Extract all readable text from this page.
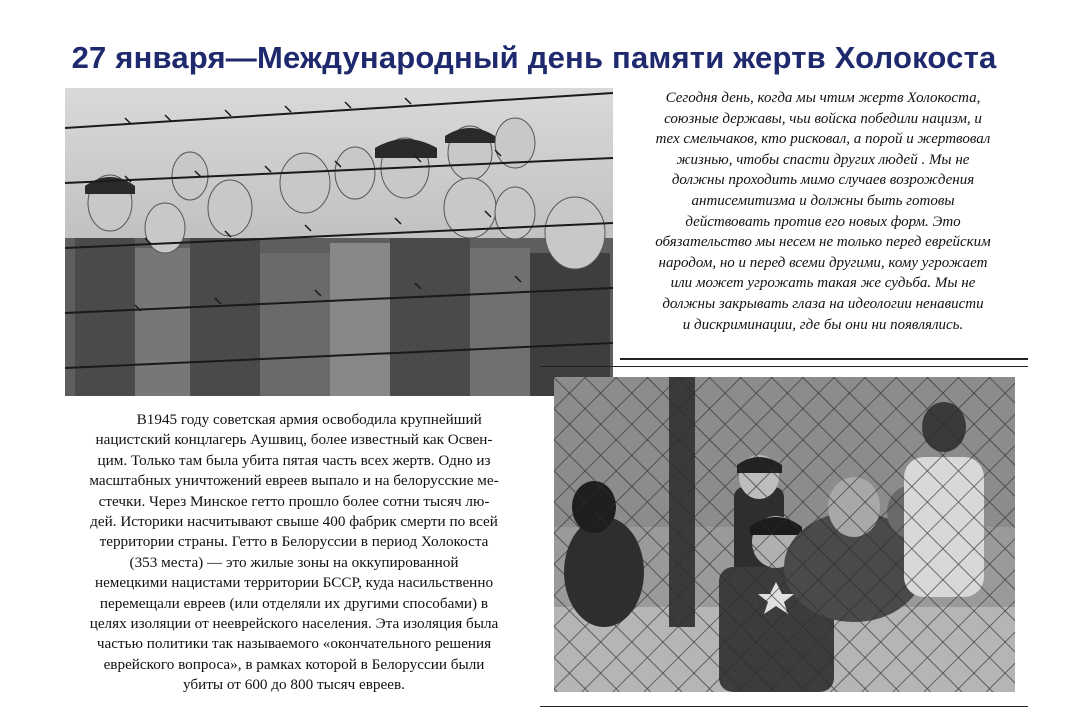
27 января—Международный день памяти жертв Холокоста
Сегодня день, когда мы чтим жертв Холокоста,
союзные державы, чьи войска победили нацизм, и
тех смельчаков, кто рисковал, а порой и жертвовал
жизнью, чтобы спасти других людей . Мы не
должны проходить мимо случаев возрождения
антисемитизма и должны быть готовы
действовать против его новых форм. Это
обязательство мы несем не только перед еврейским
народом, но и перед всеми другими, кому угрожает
или может угрожать такая же судьба. Мы не
должны закрывать глаза на идеологии ненависти
и дискриминации, где бы они ни появлялись.
В1945 году советская армия освободила крупнейший
нацистский концлагерь Аушвиц, более известный как Освен-
цим. Только там была убита пятая часть всех жертв. Одно из
масштабных уничтожений евреев выпало и на белорусские ме-
стечки. Через Минское гетто прошло более сотни тысяч лю-
дей. Историки насчитывают свыше 400 фабрик смерти по всей
территории страны. Гетто в Белоруссии в период Холокоста
(353 места) — это жилые зоны на оккупированной
немецкими нацистами территории БССР, куда насильственно
перемещали евреев (или отделяли их другими способами) в
целях изоляции от нееврейского населения. Эта изоляция была
частью политики так называемого «окончательного решения
еврейского вопроса», в рамках которой в Белоруссии были
убиты от 600 до 800 тысяч евреев.
